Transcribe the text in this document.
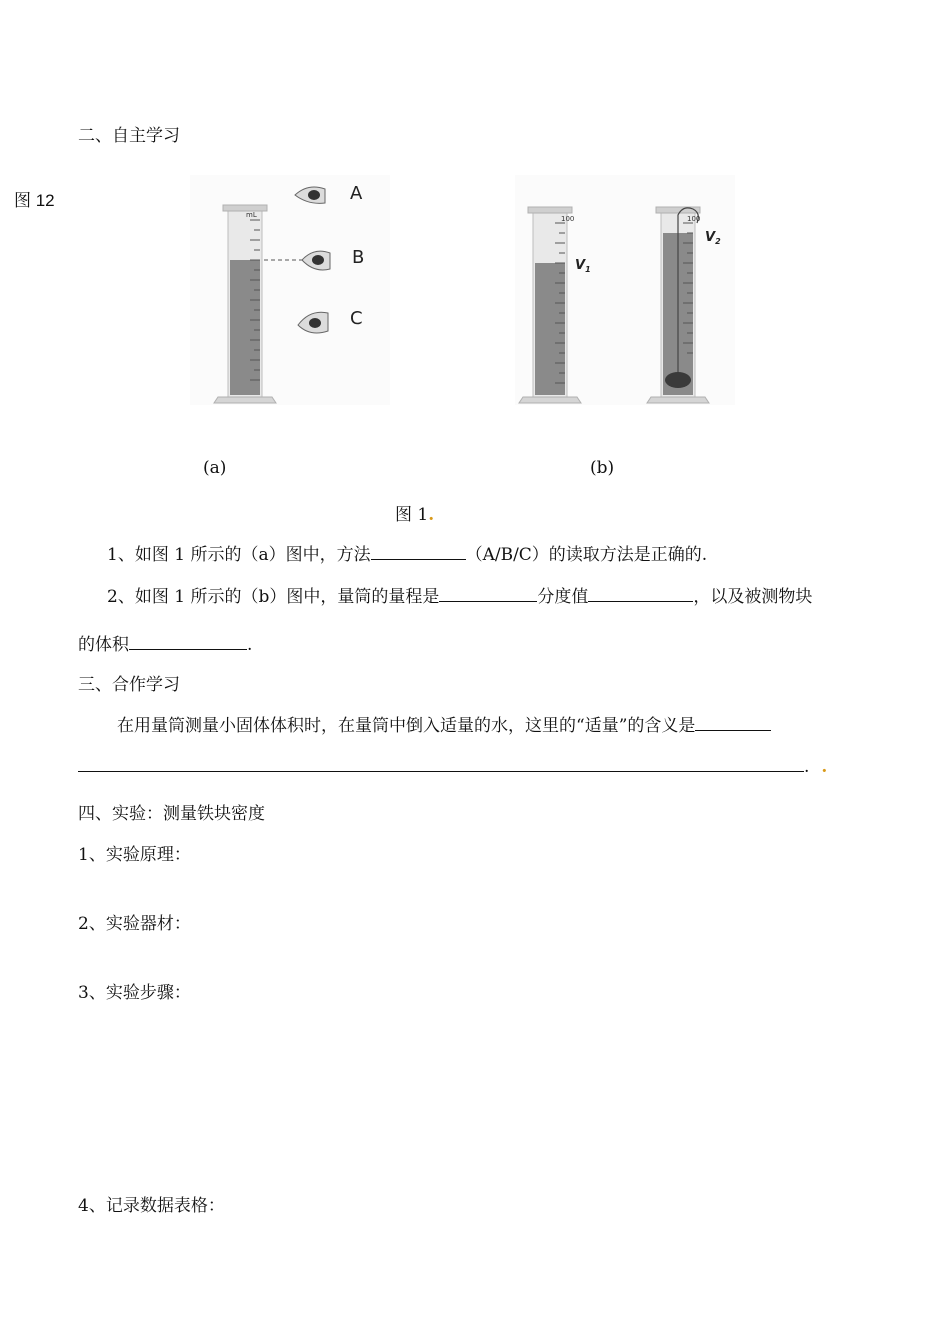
二、自主学习
图 12
mL
A
B
C
100
$V_1$
100
$V_2$
(a)	(b)
图 1.
1、如图 1 所示的（a）图中，方法	（A/B/C）的读取方法是正确的.
2、如图 1 所示的（b）图中，量筒的量程是	分度值	，以及被测物块
的体积	.
三、合作学习
在用量筒测量小固体体积时，在量筒中倒入适量的水，这里的“适量”的含义是
. .
四、实验：测量铁块密度
1、实验原理：
2、实验器材：
3、实验步骤：
4、记录数据表格：
